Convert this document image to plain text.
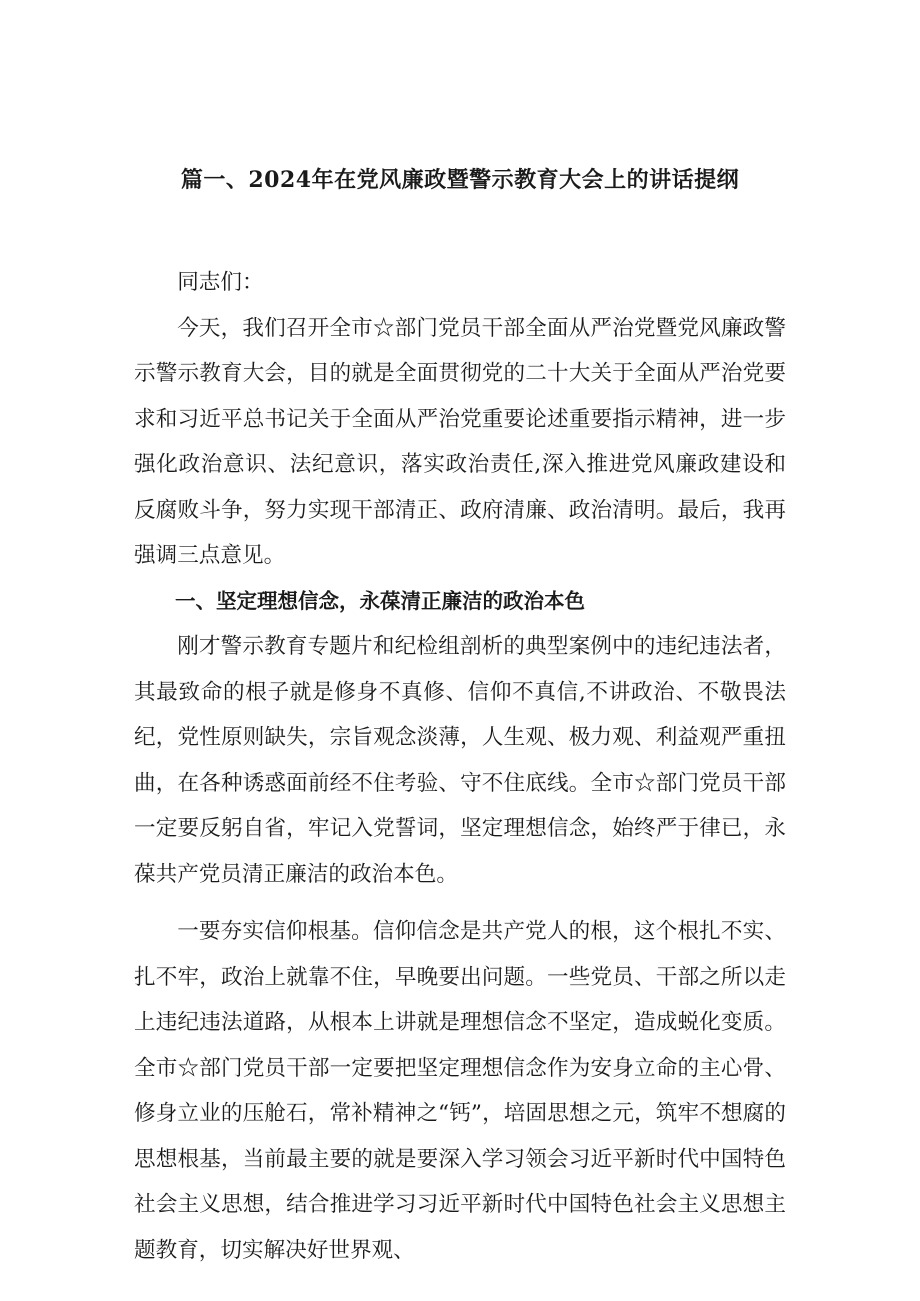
篇一、2024年在党风廉政暨警示教育大会上的讲话提纲

同志们：

今天，我们召开全市☆部门党员干部全面从严治党暨党风廉政警示警示教育大会，目的就是全面贯彻党的二十大关于全面从严治党要求和习近平总书记关于全面从严治党重要论述重要指示精神，进一步强化政治意识、法纪意识，落实政治责任,深入推进党风廉政建设和反腐败斗争，努力实现干部清正、政府清廉、政治清明。最后，我再强调三点意见。

一、坚定理想信念，永葆清正廉洁的政治本色

刚才警示教育专题片和纪检组剖析的典型案例中的违纪违法者，其最致命的根子就是修身不真修、信仰不真信,不讲政治、不敬畏法纪，党性原则缺失，宗旨观念淡薄，人生观、极力观、利益观严重扭曲，在各种诱惑面前经不住考验、守不住底线。全市☆部门党员干部一定要反躬自省，牢记入党誓词，坚定理想信念，始终严于律已，永葆共产党员清正廉洁的政治本色。

一要夯实信仰根基。信仰信念是共产党人的根，这个根扎不实、扎不牢，政治上就靠不住，早晚要出问题。一些党员、干部之所以走上违纪违法道路，从根本上讲就是理想信念不坚定，造成蜕化变质。全市☆部门党员干部一定要把坚定理想信念作为安身立命的主心骨、修身立业的压舱石，常补精神之“钙”，培固思想之元，筑牢不想腐的思想根基，当前最主要的就是要深入学习领会习近平新时代中国特色社会主义思想，结合推进学习习近平新时代中国特色社会主义思想主题教育，切实解决好世界观、
